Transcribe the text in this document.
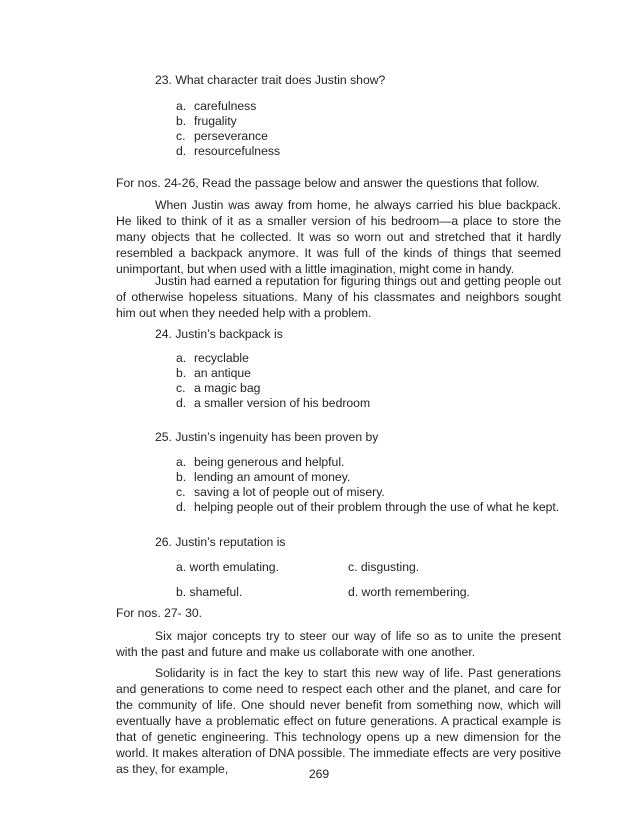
23. What character trait does Justin show?
a. carefulness
b. frugality
c. perseverance
d. resourcefulness
For nos. 24-26, Read the passage below and answer the questions that follow.
When Justin was away from home, he always carried his blue backpack. He liked to think of it as a smaller version of his bedroom—a place to store the many objects that he collected. It was so worn out and stretched that it hardly resembled a backpack anymore. It was full of the kinds of things that seemed unimportant, but when used with a little imagination, might come in handy.
Justin had earned a reputation for figuring things out and getting people out of otherwise hopeless situations. Many of his classmates and neighbors sought him out when they needed help with a problem.
24. Justin’s backpack is
a. recyclable
b. an antique
c. a magic bag
d. a smaller version of his bedroom
25. Justin’s ingenuity has been proven by
a. being generous and helpful.
b. lending an amount of money.
c. saving a lot of people out of misery.
d. helping people out of their problem through the use of what he kept.
26. Justin’s reputation is
a. worth emulating.	c. disgusting.
b. shameful.	d. worth remembering.
For nos. 27- 30.
Six major concepts try to steer our way of life so as to unite the present with the past and future and make us collaborate with one another.
Solidarity is in fact the key to start this new way of life. Past generations and generations to come need to respect each other and the planet, and care for the community of life. One should never benefit from something now, which will eventually have a problematic effect on future generations. A practical example is that of genetic engineering. This technology opens up a new dimension for the world. It makes alteration of DNA possible. The immediate effects are very positive as they, for example,	269
